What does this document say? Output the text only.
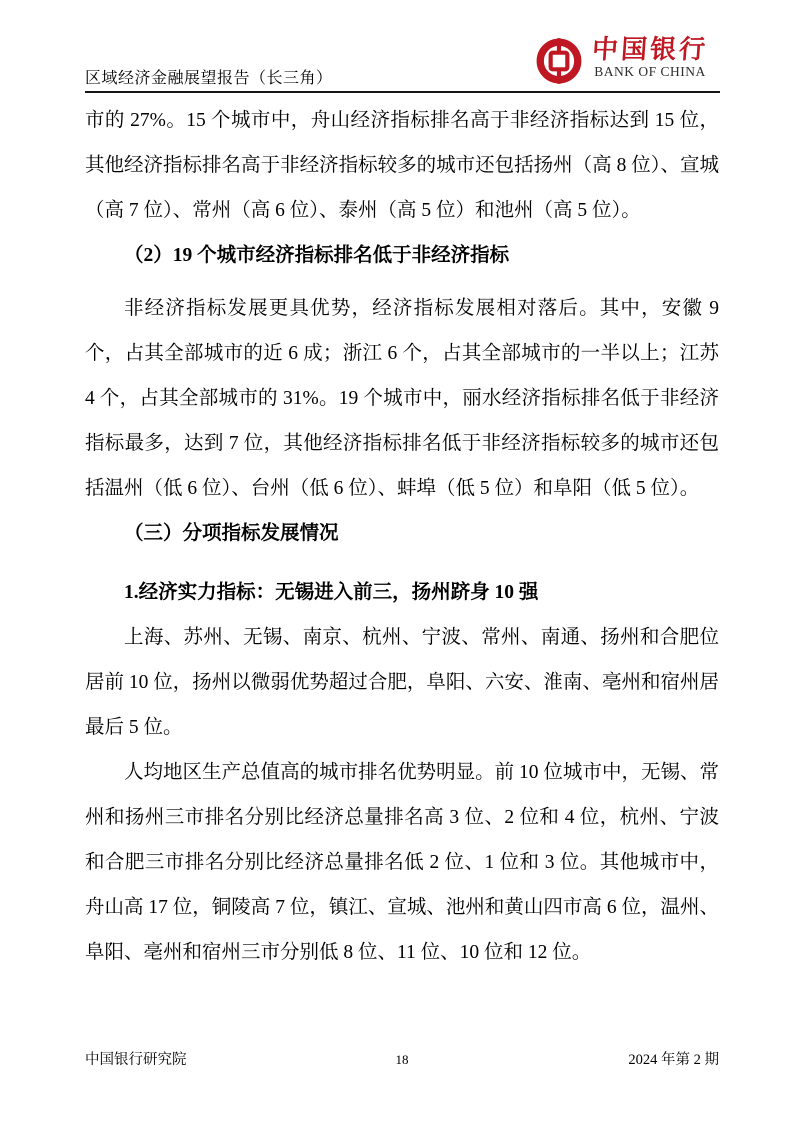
区域经济金融展望报告（长三角）
中国银行
BANK OF CHINA

市的 27%。15 个城市中，舟山经济指标排名高于非经济指标达到 15 位，其他经济指标排名高于非经济指标较多的城市还包括扬州（高 8 位）、宣城（高 7 位）、常州（高 6 位）、泰州（高 5 位）和池州（高 5 位）。

（2）19 个城市经济指标排名低于非经济指标

非经济指标发展更具优势，经济指标发展相对落后。其中，安徽 9 个，占其全部城市的近 6 成；浙江 6 个，占其全部城市的一半以上；江苏 4 个，占其全部城市的 31%。19 个城市中，丽水经济指标排名低于非经济指标最多，达到 7 位，其他经济指标排名低于非经济指标较多的城市还包括温州（低 6 位）、台州（低 6 位）、蚌埠（低 5 位）和阜阳（低 5 位）。

（三）分项指标发展情况
1.经济实力指标：无锡进入前三，扬州跻身 10 强

上海、苏州、无锡、南京、杭州、宁波、常州、南通、扬州和合肥位居前 10 位，扬州以微弱优势超过合肥，阜阳、六安、淮南、亳州和宿州居最后 5 位。

人均地区生产总值高的城市排名优势明显。前 10 位城市中，无锡、常州和扬州三市排名分别比经济总量排名高 3 位、2 位和 4 位，杭州、宁波和合肥三市排名分别比经济总量排名低 2 位、1 位和 3 位。其他城市中，舟山高 17 位，铜陵高 7 位，镇江、宣城、池州和黄山四市高 6 位，温州、阜阳、亳州和宿州三市分别低 8 位、11 位、10 位和 12 位。

中国银行研究院	18	2024 年第 2 期
